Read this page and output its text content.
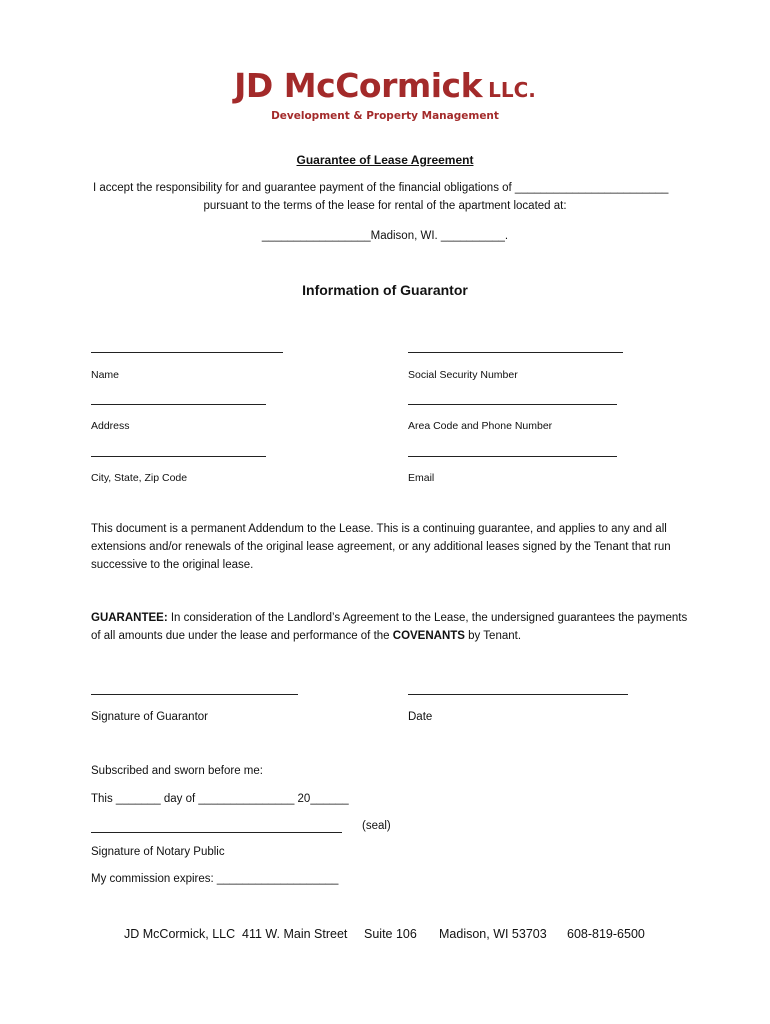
JD McCormick LLC.
Development & Property Management
Guarantee of Lease Agreement
I accept the responsibility for and guarantee payment of the financial obligations of ________________________
pursuant to the terms of the lease for rental of the apartment located at:
_________________Madison, WI. __________.
Information of Guarantor
Name	Social Security Number
Address	Area Code and Phone Number
City, State, Zip Code	Email

This document is a permanent Addendum to the Lease. This is a continuing guarantee, and applies to any and all extensions and/or renewals of the original lease agreement, or any additional leases signed by the Tenant that run successive to the original lease.

GUARANTEE: In consideration of the Landlord’s Agreement to the Lease, the undersigned guarantees the payments of all amounts due under the lease and performance of the COVENANTS by Tenant.

Signature of Guarantor	Date
Subscribed and sworn before me:
This _______ day of _______________ 20______
(seal)
Signature of Notary Public
My commission expires: ___________________
JD McCormick, LLC 411 W. Main Street Suite 106 Madison, WI 53703 608-819-6500
